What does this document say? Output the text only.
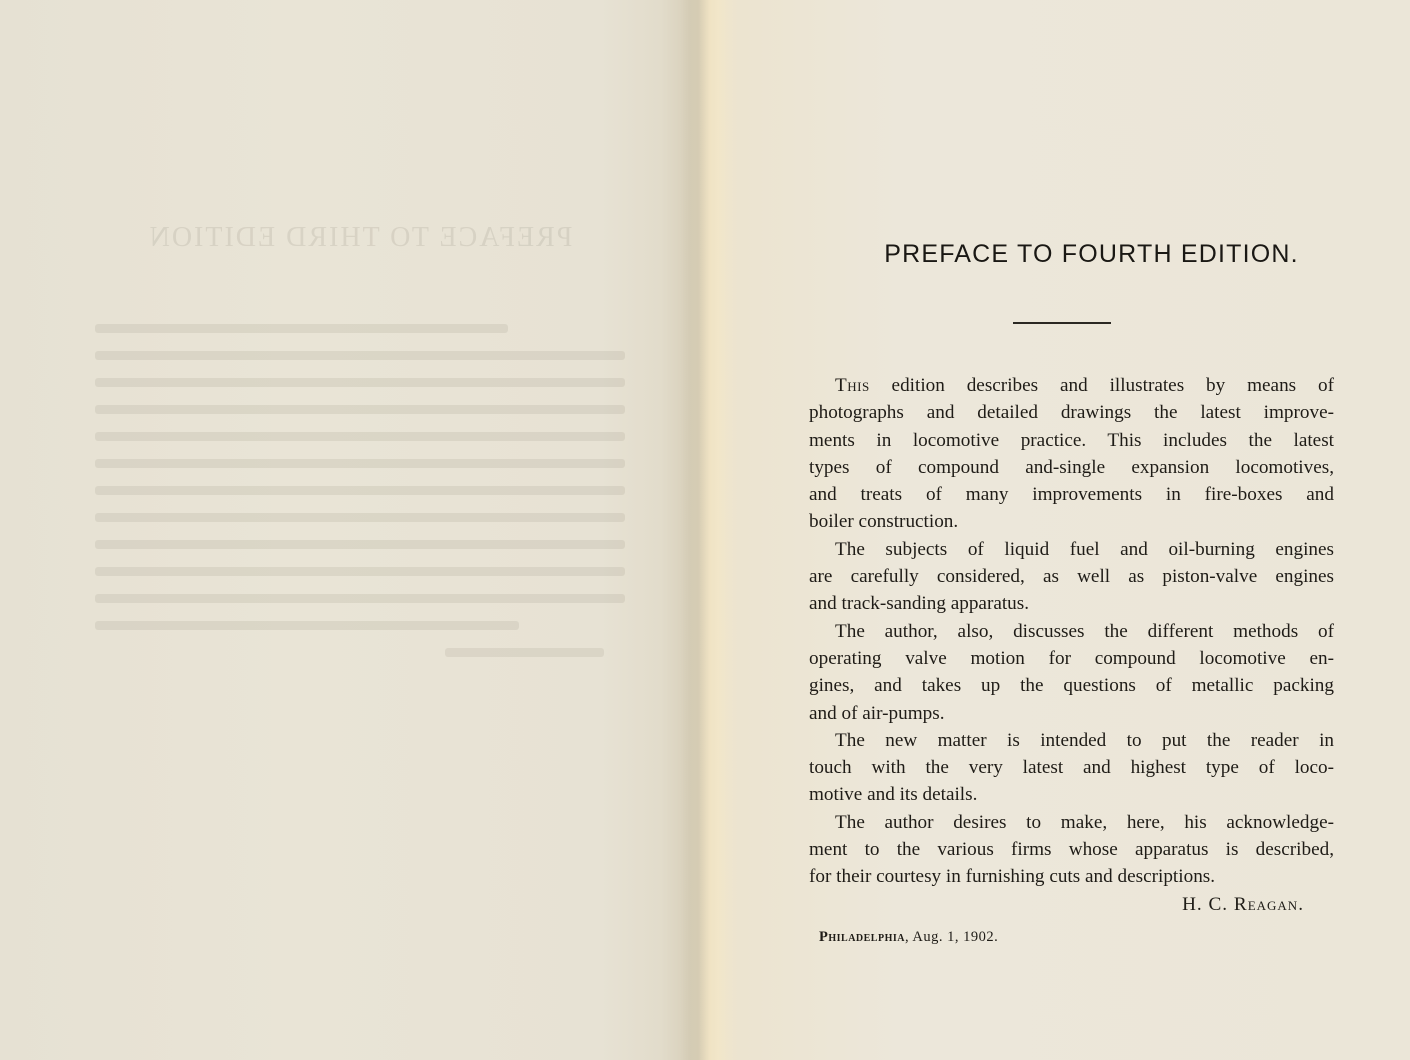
PREFACE TO THIRD EDITION
PREFACE TO FOURTH EDITION.
This edition describes and illustrates by means of
photographs and detailed drawings the latest improve-
ments in locomotive practice. This includes the latest
types of compound and-single expansion locomotives,
and treats of many improvements in fire-boxes and
boiler construction.
The subjects of liquid fuel and oil-burning engines
are carefully considered, as well as piston-valve engines
and track-sanding apparatus.
The author, also, discusses the different methods of
operating valve motion for compound locomotive en-
gines, and takes up the questions of metallic packing
and of air-pumps.
The new matter is intended to put the reader in
touch with the very latest and highest type of loco-
motive and its details.
The author desires to make, here, his acknowledge-
ment to the various firms whose apparatus is described,
for their courtesy in furnishing cuts and descriptions.
H. C. Reagan.
Philadelphia, Aug. 1, 1902.
